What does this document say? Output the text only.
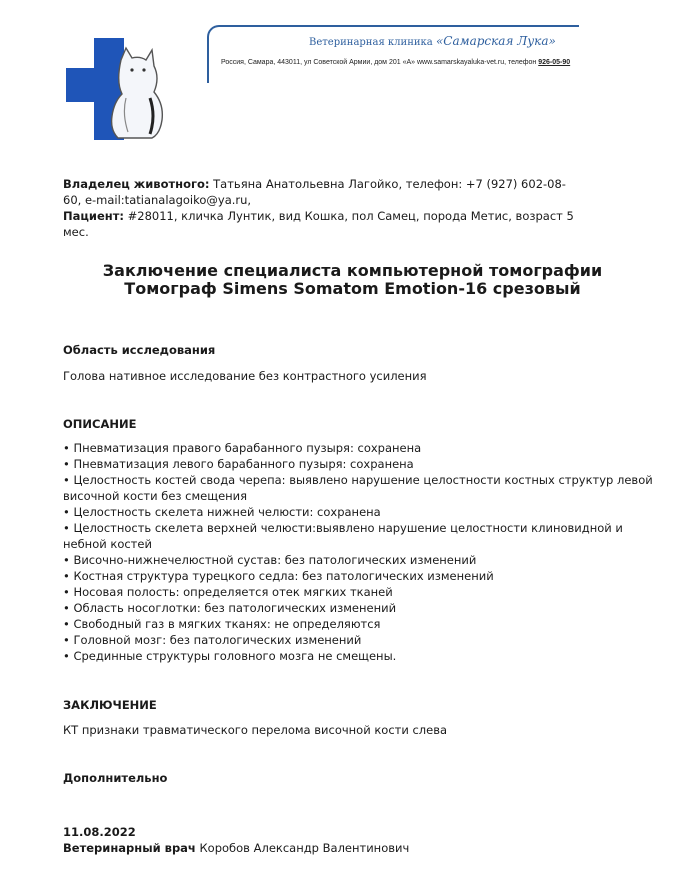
Ветеринарная клиника «Самарская Лука»
Россия, Самара, 443011, ул Советской Армии, дом 201 «А» www.samarskayaluka-vet.ru, телефон 926-05-90
Владелец животного: Татьяна Анатольевна Лагойко, телефон: +7 (927) 602-08-60, e-mail:tatianalagoiko@ya.ru,
Пациент: #28011, кличка Лунтик, вид Кошка, пол Самец, порода Метис, возраст 5 мес.
Заключение специалиста компьютерной томографии
Томограф Simens Somatom Emotion-16 срезовый
Область исследования
Голова нативное исследование без контрастного усиления
ОПИСАНИЕ
• Пневматизация правого барабанного пузыря: сохранена
• Пневматизация левого барабанного пузыря: сохранена
• Целостность костей свода черепа: выявлено нарушение целостности костных структур левой височной кости без смещения
• Целостность скелета нижней челюсти: сохранена
• Целостность скелета верхней челюсти:выявлено нарушение целостности клиновидной и небной костей
• Височно-нижнечелюстной сустав: без патологических изменений
• Костная структура турецкого седла: без патологических изменений
• Носовая полость: определяется отек мягких тканей
• Область носоглотки: без патологических изменений
• Свободный газ в мягких тканях: не определяются
• Головной мозг: без патологических изменений
• Срединные структуры головного мозга не смещены.
ЗАКЛЮЧЕНИЕ
КТ признаки травматического перелома височной кости слева
Дополнительно
11.08.2022
Ветеринарный врач Коробов Александр Валентинович
